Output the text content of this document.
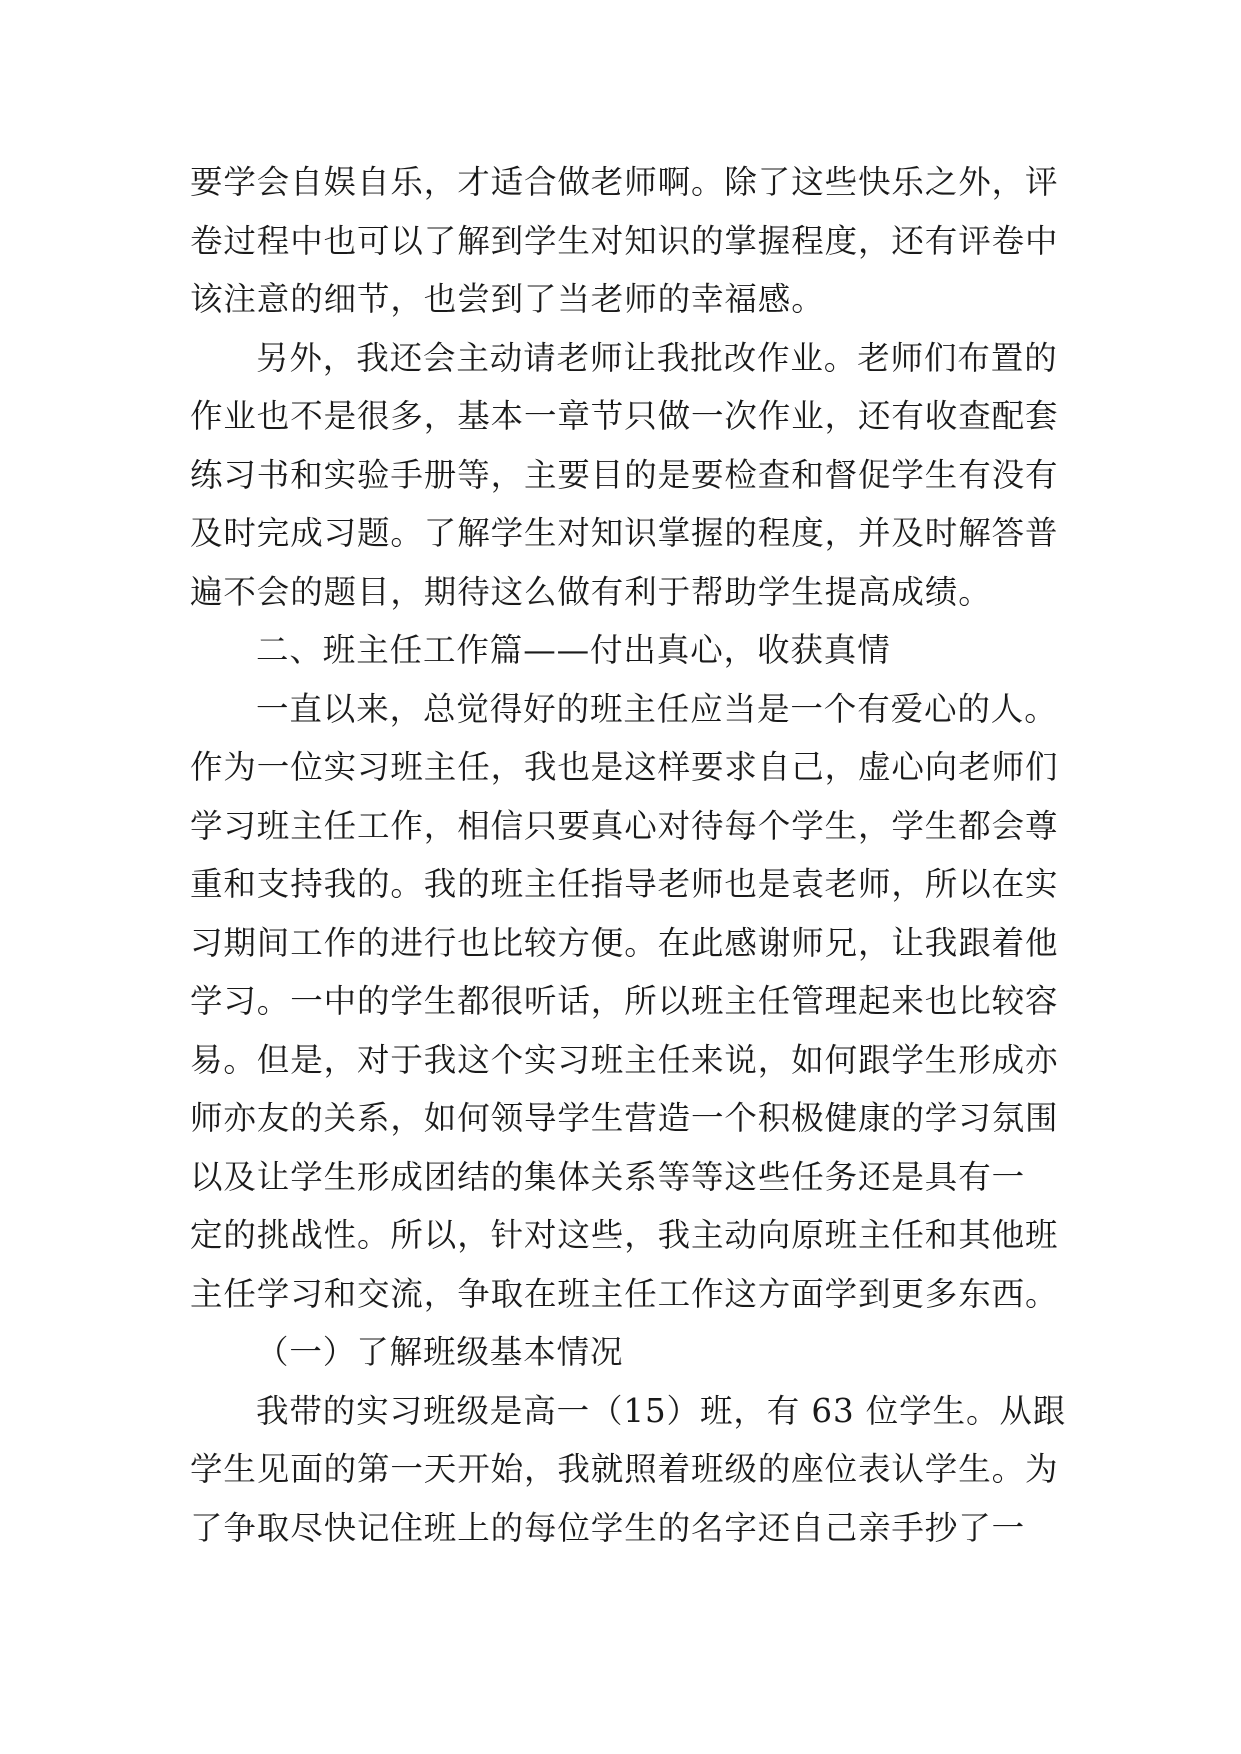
要学会自娱自乐，才适合做老师啊。除了这些快乐之外，评
卷过程中也可以了解到学生对知识的掌握程度，还有评卷中
该注意的细节，也尝到了当老师的幸福感。
另外，我还会主动请老师让我批改作业。老师们布置的
作业也不是很多，基本一章节只做一次作业，还有收查配套
练习书和实验手册等，主要目的是要检查和督促学生有没有
及时完成习题。了解学生对知识掌握的程度，并及时解答普
遍不会的题目，期待这么做有利于帮助学生提高成绩。
二、班主任工作篇——付出真心，收获真情
一直以来，总觉得好的班主任应当是一个有爱心的人。
作为一位实习班主任，我也是这样要求自己，虚心向老师们
学习班主任工作，相信只要真心对待每个学生，学生都会尊
重和支持我的。我的班主任指导老师也是袁老师，所以在实
习期间工作的进行也比较方便。在此感谢师兄，让我跟着他
学习。一中的学生都很听话，所以班主任管理起来也比较容
易。但是，对于我这个实习班主任来说，如何跟学生形成亦
师亦友的关系，如何领导学生营造一个积极健康的学习氛围
以及让学生形成团结的集体关系等等这些任务还是具有一
定的挑战性。所以，针对这些，我主动向原班主任和其他班
主任学习和交流，争取在班主任工作这方面学到更多东西。
（一）了解班级基本情况
我带的实习班级是高一（15）班，有 63 位学生。从跟
学生见面的第一天开始，我就照着班级的座位表认学生。为
了争取尽快记住班上的每位学生的名字还自己亲手抄了一
